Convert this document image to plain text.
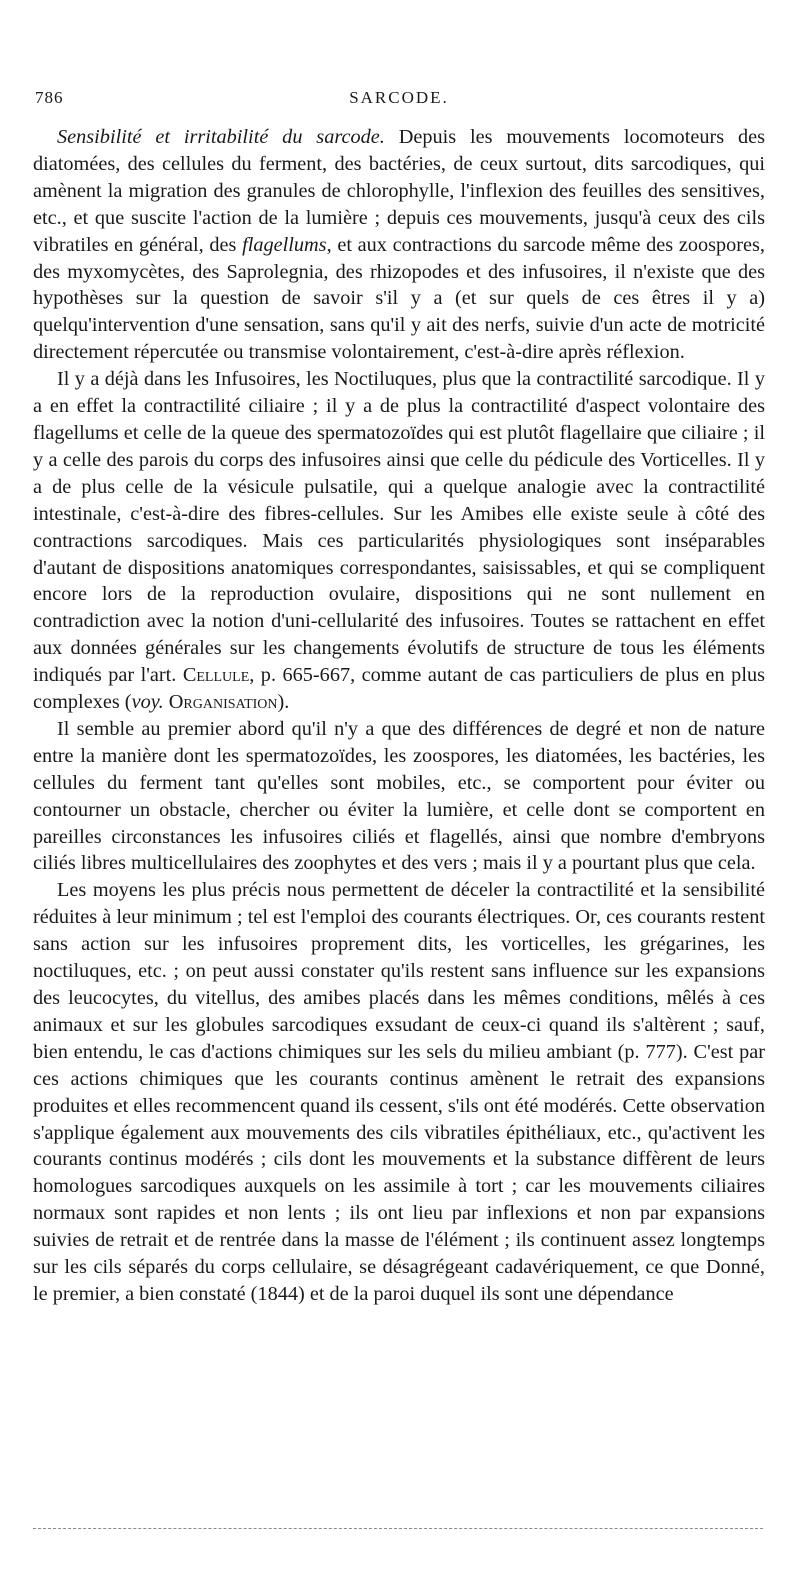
786	SARCODE.

Sensibilité et irritabilité du sarcode. Depuis les mouvements locomoteurs des diatomées, des cellules du ferment, des bactéries, de ceux surtout, dits sarcodiques, qui amènent la migration des granules de chlorophylle, l'inflexion des feuilles des sensitives, etc., et que suscite l'action de la lumière ; depuis ces mouvements, jusqu'à ceux des cils vibratiles en général, des flagellums, et aux contractions du sarcode même des zoospores, des myxomycètes, des Saprolegnia, des rhizopodes et des infusoires, il n'existe que des hypothèses sur la question de savoir s'il y a (et sur quels de ces êtres il y a) quelqu'intervention d'une sensation, sans qu'il y ait des nerfs, suivie d'un acte de motricité directement répercutée ou transmise volontairement, c'est-à-dire après réflexion.

Il y a déjà dans les Infusoires, les Noctiluques, plus que la contractilité sarcodique. Il y a en effet la contractilité ciliaire ; il y a de plus la contractilité d'aspect volontaire des flagellums et celle de la queue des spermatozoïdes qui est plutôt flagellaire que ciliaire ; il y a celle des parois du corps des infusoires ainsi que celle du pédicule des Vorticelles. Il y a de plus celle de la vésicule pulsatile, qui a quelque analogie avec la contractilité intestinale, c'est-à-dire des fibres-cellules. Sur les Amibes elle existe seule à côté des contractions sarcodiques. Mais ces particularités physiologiques sont inséparables d'autant de dispositions anatomiques correspondantes, saisissables, et qui se compliquent encore lors de la reproduction ovulaire, dispositions qui ne sont nullement en contradiction avec la notion d'uni-cellularité des infusoires. Toutes se rattachent en effet aux données générales sur les changements évolutifs de structure de tous les éléments indiqués par l'art. Cellule, p. 665-667, comme autant de cas particuliers de plus en plus complexes (voy. Organisation).

Il semble au premier abord qu'il n'y a que des différences de degré et non de nature entre la manière dont les spermatozoïdes, les zoospores, les diatomées, les bactéries, les cellules du ferment tant qu'elles sont mobiles, etc., se comportent pour éviter ou contourner un obstacle, chercher ou éviter la lumière, et celle dont se comportent en pareilles circonstances les infusoires ciliés et flagellés, ainsi que nombre d'embryons ciliés libres multicellulaires des zoophytes et des vers ; mais il y a pourtant plus que cela.

Les moyens les plus précis nous permettent de déceler la contractilité et la sensibilité réduites à leur minimum ; tel est l'emploi des courants électriques. Or, ces courants restent sans action sur les infusoires proprement dits, les vorticelles, les grégarines, les noctiluques, etc. ; on peut aussi constater qu'ils restent sans influence sur les expansions des leucocytes, du vitellus, des amibes placés dans les mêmes conditions, mêlés à ces animaux et sur les globules sarcodiques exsudant de ceux-ci quand ils s'altèrent ; sauf, bien entendu, le cas d'actions chimiques sur les sels du milieu ambiant (p. 777). C'est par ces actions chimiques que les courants continus amènent le retrait des expansions produites et elles recommencent quand ils cessent, s'ils ont été modérés. Cette observation s'applique également aux mouvements des cils vibratiles épithéliaux, etc., qu'activent les courants continus modérés ; cils dont les mouvements et la substance diffèrent de leurs homologues sarcodiques auxquels on les assimile à tort ; car les mouvements ciliaires normaux sont rapides et non lents ; ils ont lieu par inflexions et non par expansions suivies de retrait et de rentrée dans la masse de l'élément ; ils continuent assez longtemps sur les cils séparés du corps cellulaire, se désagrégeant cadavériquement, ce que Donné, le premier, a bien constaté (1844) et de la paroi duquel ils sont une dépendance
